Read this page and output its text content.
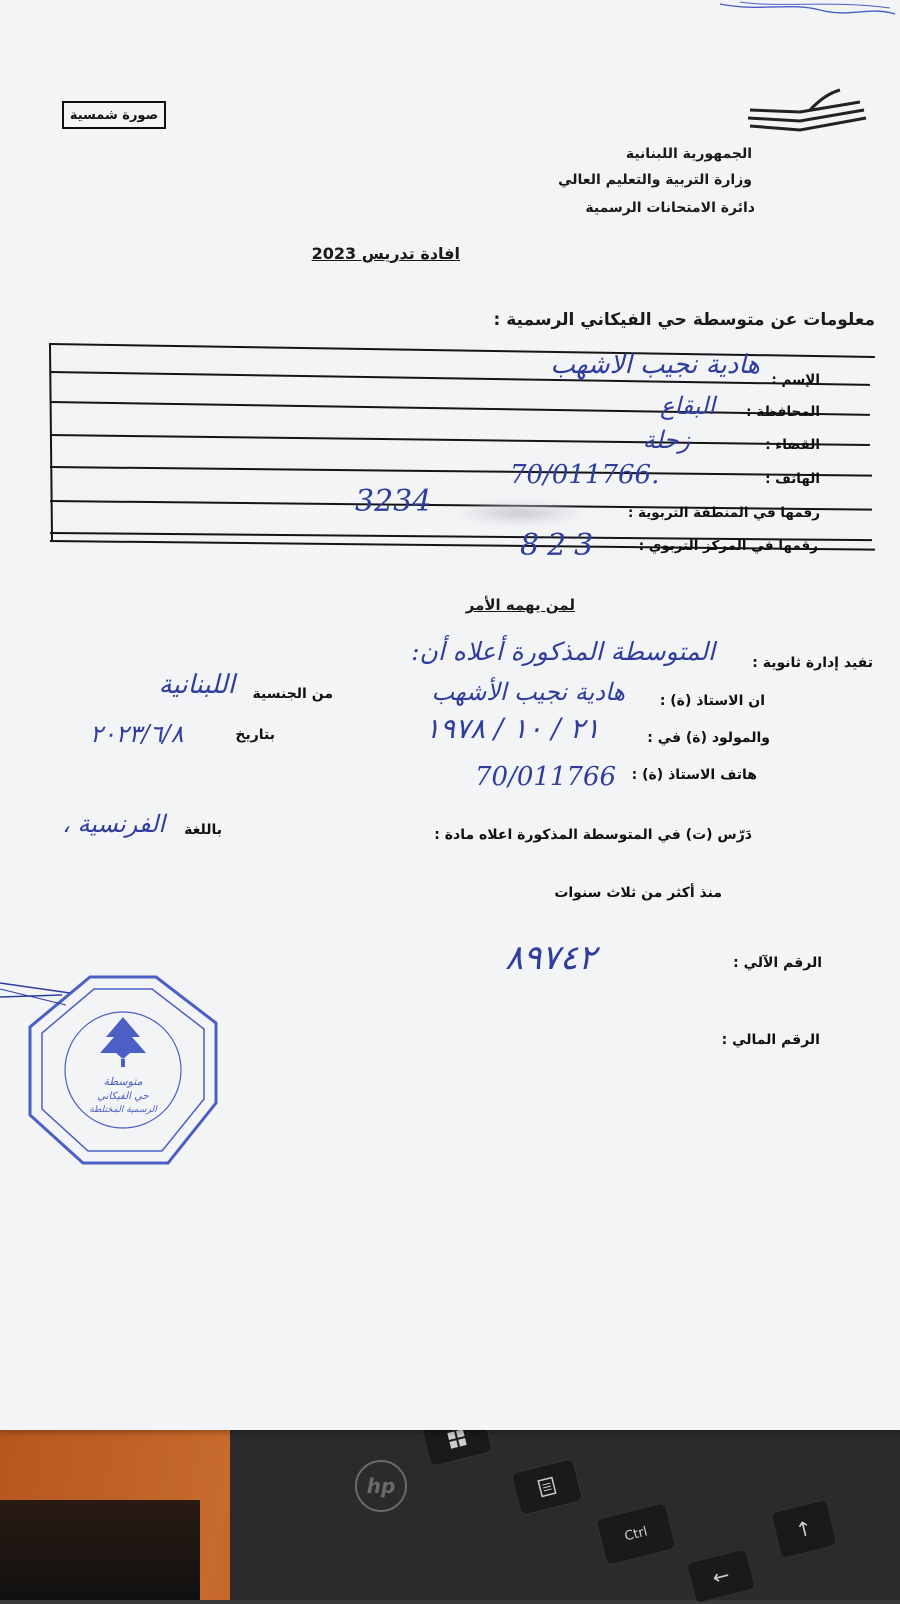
hp
Ctrl	↑
←
صورة شمسية
الجمهورية اللبنانية
وزارة التربية والتعليم العالي
دائرة الامتحانات الرسمية
افادة تدريس 2023
معلومات عن متوسطة حي الفيكاني الرسمية :
الإسم :
المحافظة :
القضاء :
الهاتف :
رقمها في المنطقة التربوية :
رقمها في المركز التربوي :
هادية نجيب الاشهب
البقاع
زحلة
70/011766.
3234
823
لمن يهمه الأمر
تفيد إدارة ثانوية :
المتوسطة المذكورة أعلاه أن:
ان الاستاذ (ة) :
هادية نجيب الأشهب
من الجنسية
اللبنانية
والمولود (ة) في :
٢١ / ١٠ / ١٩٧٨
بتاريخ
٢٠٢٣/٦/٨
هاتف الاستاذ (ة) :
70/011766
دَرّس (ت) في المتوسطة المذكورة اعلاه مادة :
باللغة
الفرنسية ،
منذ أكثر من ثلاث سنوات
الرقم الآلي :
٨٩٧٤٢
الرقم المالي :
متوسطة
حي الفيكاني
الرسمية المختلطة
